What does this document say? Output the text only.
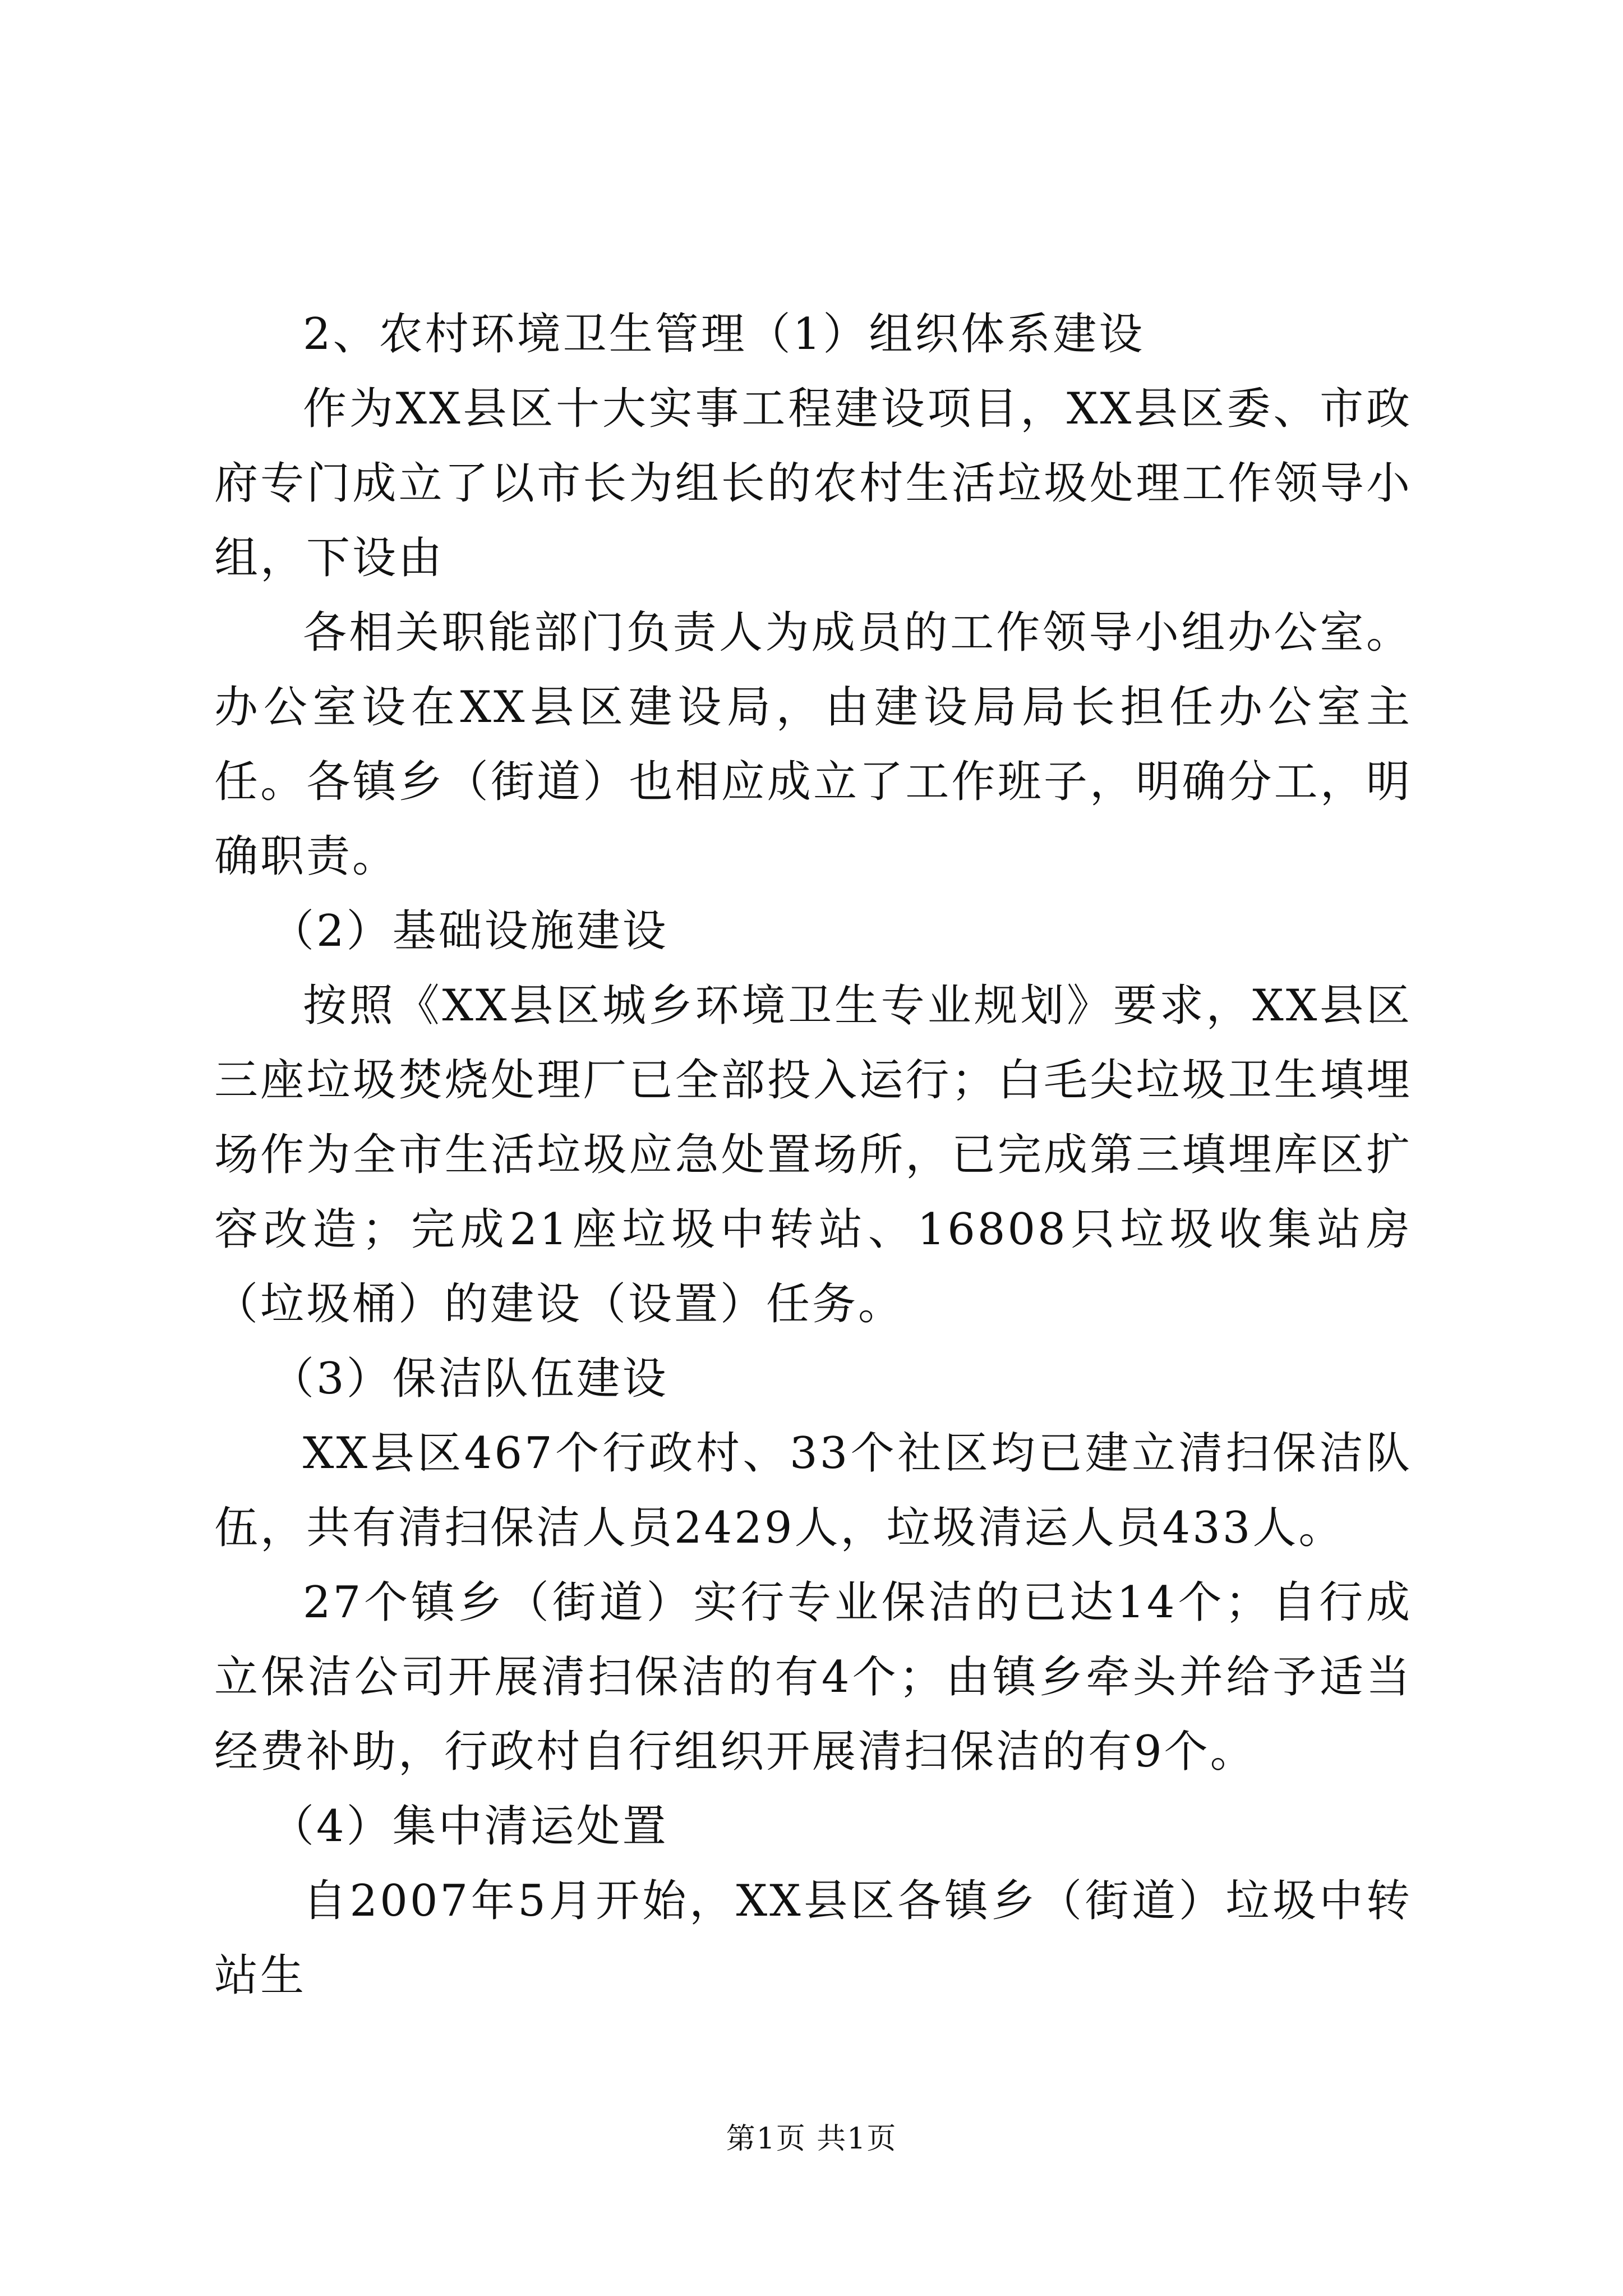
2、农村环境卫生管理（1）组织体系建设

作为XX县区十大实事工程建设项目，XX县区委、市政府专门成立了以市长为组长的农村生活垃圾处理工作领导小组，下设由

各相关职能部门负责人为成员的工作领导小组办公室。办公室设在XX县区建设局，由建设局局长担任办公室主任。各镇乡（街道）也相应成立了工作班子，明确分工，明确职责。

（2）基础设施建设

按照《XX县区城乡环境卫生专业规划》要求，XX县区三座垃圾焚烧处理厂已全部投入运行；白毛尖垃圾卫生填埋场作为全市生活垃圾应急处置场所，已完成第三填埋库区扩容改造；完成21座垃圾中转站、16808只垃圾收集站房（垃圾桶）的建设（设置）任务。

（3）保洁队伍建设

XX县区467个行政村、33个社区均已建立清扫保洁队伍，共有清扫保洁人员2429人，垃圾清运人员433人。

27个镇乡（街道）实行专业保洁的已达14个；自行成立保洁公司开展清扫保洁的有4个；由镇乡牵头并给予适当经费补助，行政村自行组织开展清扫保洁的有9个。

（4）集中清运处置

自2007年5月开始，XX县区各镇乡（街道）垃圾中转站生

第1页 共1页
